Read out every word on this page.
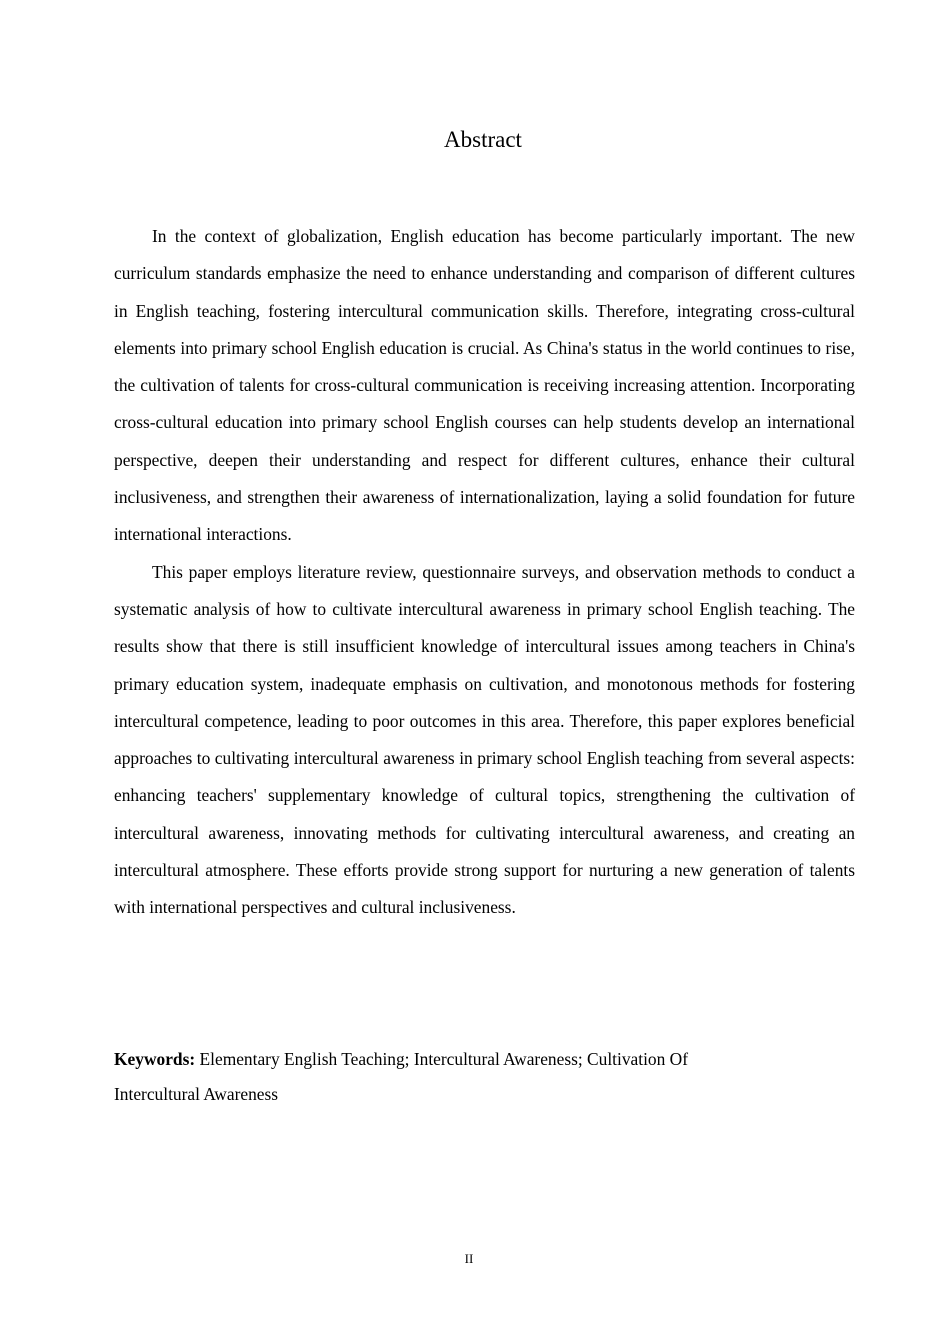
Abstract

In the context of globalization, English education has become particularly important. The new curriculum standards emphasize the need to enhance understanding and comparison of different cultures in English teaching, fostering intercultural communication skills. Therefore, integrating cross-cultural elements into primary school English education is crucial. As China's status in the world continues to rise, the cultivation of talents for cross-cultural communication is receiving increasing attention. Incorporating cross-cultural education into primary school English courses can help students develop an international perspective, deepen their understanding and respect for different cultures, enhance their cultural inclusiveness, and strengthen their awareness of internationalization, laying a solid foundation for future international interactions.

This paper employs literature review, questionnaire surveys, and observation methods to conduct a systematic analysis of how to cultivate intercultural awareness in primary school English teaching. The results show that there is still insufficient knowledge of intercultural issues among teachers in China's primary education system, inadequate emphasis on cultivation, and monotonous methods for fostering intercultural competence, leading to poor outcomes in this area. Therefore, this paper explores beneficial approaches to cultivating intercultural awareness in primary school English teaching from several aspects: enhancing teachers' supplementary knowledge of cultural topics, strengthening the cultivation of intercultural awareness, innovating methods for cultivating intercultural awareness, and creating an intercultural atmosphere. These efforts provide strong support for nurturing a new generation of talents with international perspectives and cultural inclusiveness.

Keywords: Elementary English Teaching; Intercultural Awareness; Cultivation Of Intercultural Awareness
II
